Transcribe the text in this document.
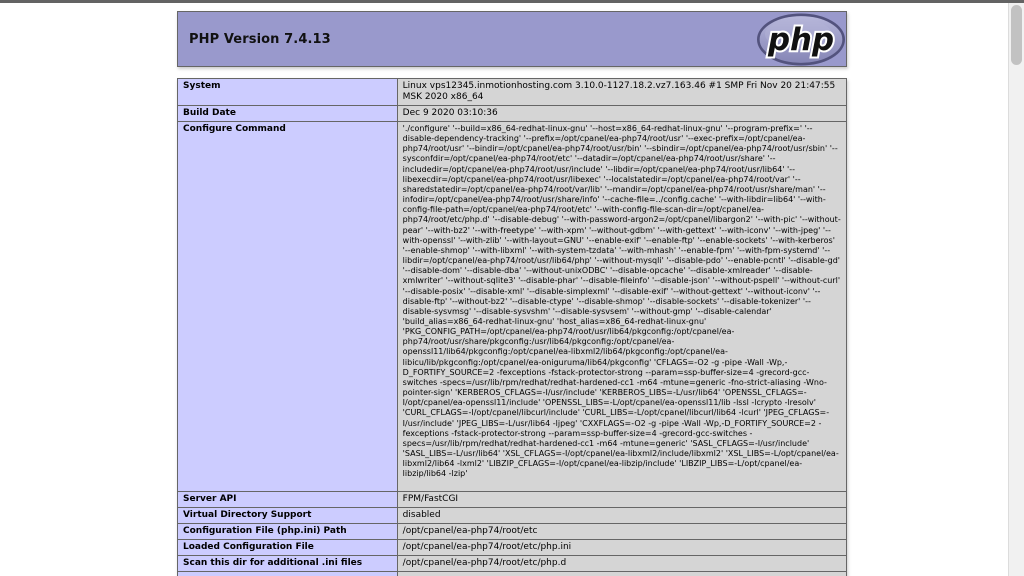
PHP Version 7.4.13	php
System	Linux vps12345.inmotionhosting.com 3.10.0-1127.18.2.vz7.163.46 #1 SMP Fri Nov 20 21:47:55 MSK 2020 x86_64
Build Date	Dec 9 2020 03:10:36
Configure Command	'./configure' '--build=x86_64-redhat-linux-gnu' '--host=x86_64-redhat-linux-gnu' '--program-prefix=' '--disable-dependency-tracking' '--prefix=/opt/cpanel/ea-php74/root/usr' '--exec-prefix=/opt/cpanel/ea-php74/root/usr' '--bindir=/opt/cpanel/ea-php74/root/usr/bin' '--sbindir=/opt/cpanel/ea-php74/root/usr/sbin' '--sysconfdir=/opt/cpanel/ea-php74/root/etc' '--datadir=/opt/cpanel/ea-php74/root/usr/share' '--includedir=/opt/cpanel/ea-php74/root/usr/include' '--libdir=/opt/cpanel/ea-php74/root/usr/lib64' '--libexecdir=/opt/cpanel/ea-php74/root/usr/libexec' '--localstatedir=/opt/cpanel/ea-php74/root/var' '--sharedstatedir=/opt/cpanel/ea-php74/root/var/lib' '--mandir=/opt/cpanel/ea-php74/root/usr/share/man' '--infodir=/opt/cpanel/ea-php74/root/usr/share/info' '--cache-file=../config.cache' '--with-libdir=lib64' '--with-config-file-path=/opt/cpanel/ea-php74/root/etc' '--with-config-file-scan-dir=/opt/cpanel/ea-php74/root/etc/php.d' '--disable-debug' '--with-password-argon2=/opt/cpanel/libargon2' '--with-pic' '--without-pear' '--with-bz2' '--with-freetype' '--with-xpm' '--without-gdbm' '--with-gettext' '--with-iconv' '--with-jpeg' '--with-openssl' '--with-zlib' '--with-layout=GNU' '--enable-exif' '--enable-ftp' '--enable-sockets' '--with-kerberos' '--enable-shmop' '--with-libxml' '--with-system-tzdata' '--with-mhash' '--enable-fpm' '--with-fpm-systemd' '--libdir=/opt/cpanel/ea-php74/root/usr/lib64/php' '--without-mysqli' '--disable-pdo' '--enable-pcntl' '--disable-gd' '--disable-dom' '--disable-dba' '--without-unixODBC' '--disable-opcache' '--disable-xmlreader' '--disable-xmlwriter' '--without-sqlite3' '--disable-phar' '--disable-fileinfo' '--disable-json' '--without-pspell' '--without-curl' '--disable-posix' '--disable-xml' '--disable-simplexml' '--disable-exif' '--without-gettext' '--without-iconv' '--disable-ftp' '--without-bz2' '--disable-ctype' '--disable-shmop' '--disable-sockets' '--disable-tokenizer' '--disable-sysvmsg' '--disable-sysvshm' '--disable-sysvsem' '--without-gmp' '--disable-calendar' 'build_alias=x86_64-redhat-linux-gnu' 'host_alias=x86_64-redhat-linux-gnu' 'PKG_CONFIG_PATH=/opt/cpanel/ea-php74/root/usr/lib64/pkgconfig:/opt/cpanel/ea-php74/root/usr/share/pkgconfig:/usr/lib64/pkgconfig:/opt/cpanel/ea-openssl11/lib64/pkgconfig:/opt/cpanel/ea-libxml2/lib64/pkgconfig:/opt/cpanel/ea-libicu/lib/pkgconfig:/opt/cpanel/ea-oniguruma/lib64/pkgconfig' 'CFLAGS=-O2 -g -pipe -Wall -Wp,-D_FORTIFY_SOURCE=2 -fexceptions -fstack-protector-strong --param=ssp-buffer-size=4 -grecord-gcc-switches -specs=/usr/lib/rpm/redhat/redhat-hardened-cc1 -m64 -mtune=generic -fno-strict-aliasing -Wno-pointer-sign' 'KERBEROS_CFLAGS=-I/usr/include' 'KERBEROS_LIBS=-L/usr/lib64' 'OPENSSL_CFLAGS=-I/opt/cpanel/ea-openssl11/include' 'OPENSSL_LIBS=-L/opt/cpanel/ea-openssl11/lib -lssl -lcrypto -lresolv' 'CURL_CFLAGS=-I/opt/cpanel/libcurl/include' 'CURL_LIBS=-L/opt/cpanel/libcurl/lib64 -lcurl' 'JPEG_CFLAGS=-I/usr/include' 'JPEG_LIBS=-L/usr/lib64 -ljpeg' 'CXXFLAGS=-O2 -g -pipe -Wall -Wp,-D_FORTIFY_SOURCE=2 -fexceptions -fstack-protector-strong --param=ssp-buffer-size=4 -grecord-gcc-switches -specs=/usr/lib/rpm/redhat/redhat-hardened-cc1 -m64 -mtune=generic' 'SASL_CFLAGS=-I/usr/include' 'SASL_LIBS=-L/usr/lib64' 'XSL_CFLAGS=-I/opt/cpanel/ea-libxml2/include/libxml2' 'XSL_LIBS=-L/opt/cpanel/ea-libxml2/lib64 -lxml2' 'LIBZIP_CFLAGS=-I/opt/cpanel/ea-libzip/include' 'LIBZIP_LIBS=-L/opt/cpanel/ea-libzip/lib64 -lzip'

Server API	FPM/FastCGI
Virtual Directory Support	disabled
Configuration File (php.ini) Path	/opt/cpanel/ea-php74/root/etc
Loaded Configuration File	/opt/cpanel/ea-php74/root/etc/php.ini
Scan this dir for additional .ini files	/opt/cpanel/ea-php74/root/etc/php.d
